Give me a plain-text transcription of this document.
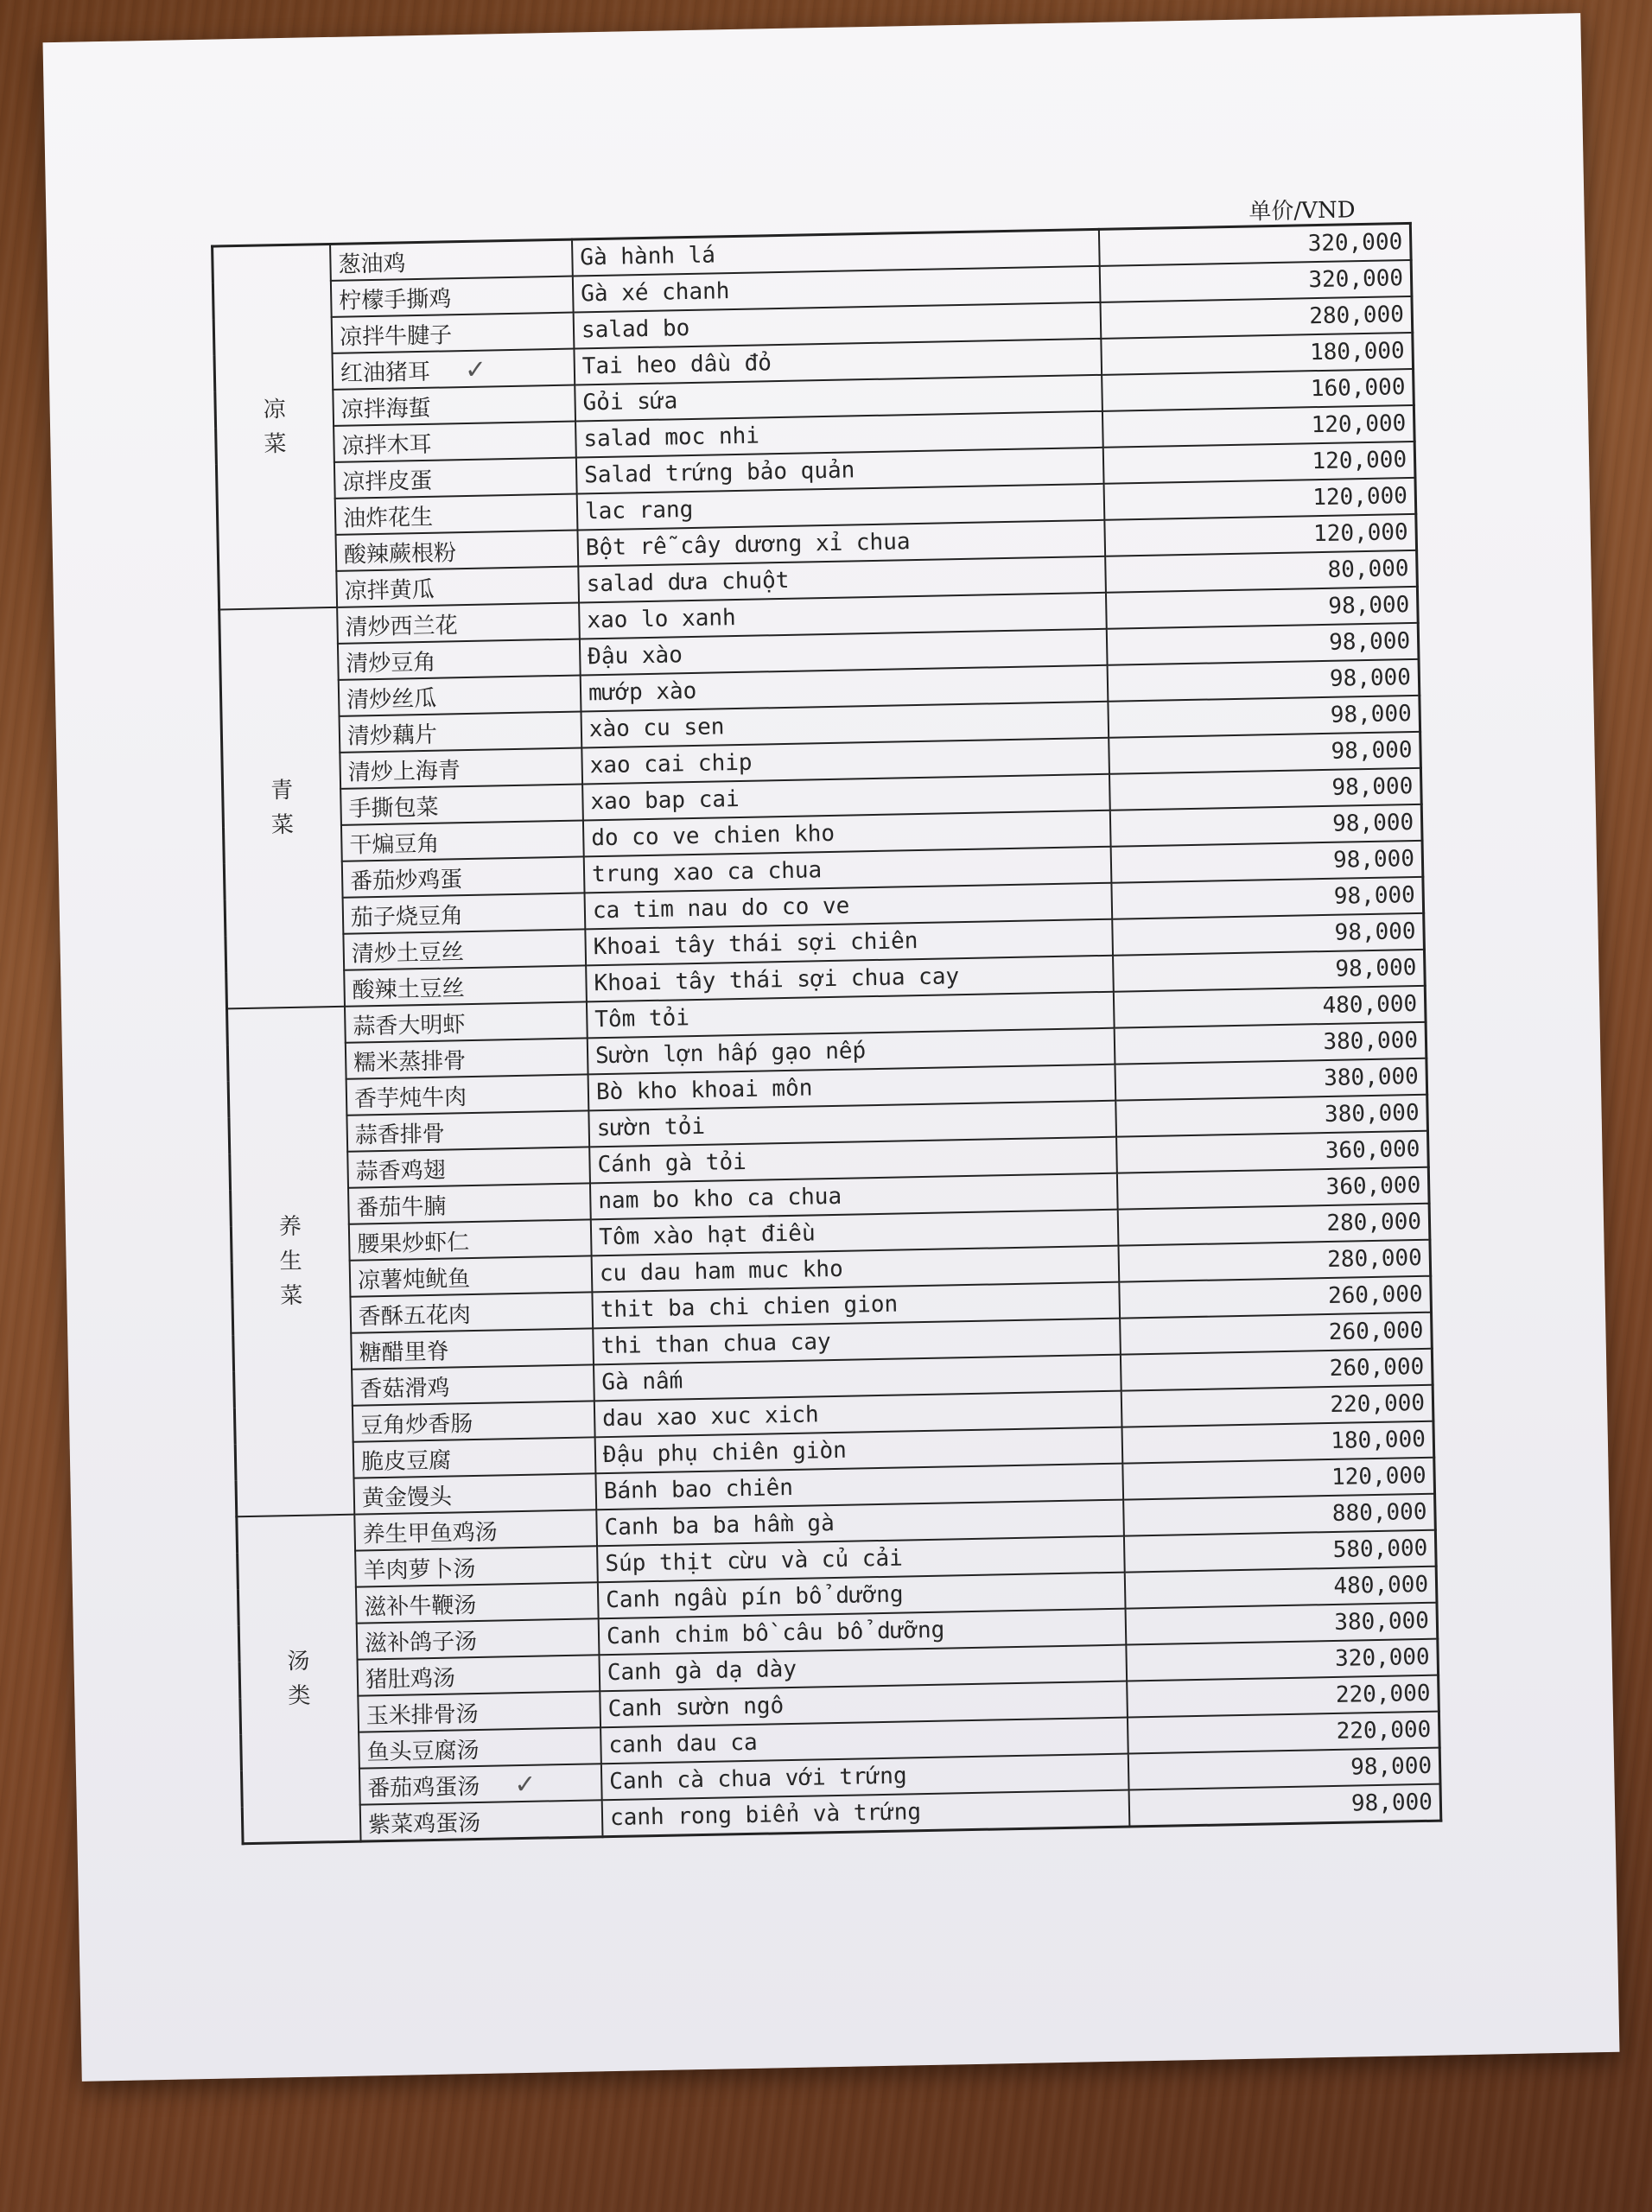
单价/VND
凉
菜	葱油鸡	Gà hành lá	320,000
	柠檬手撕鸡	Gà xé chanh	320,000
	凉拌牛腱子	salad bo	280,000
	红油猪耳 ✓	Tai heo dầu đỏ	180,000
	凉拌海蜇	Gỏi sứa	160,000
	凉拌木耳	salad moc nhi	120,000
	凉拌皮蛋	Salad trứng bảo quản	120,000
	油炸花生	lac rang	120,000
	酸辣蕨根粉	Bột rễ cây dương xỉ chua	120,000
	凉拌黄瓜	salad dưa chuột	80,000

青
菜	清炒西兰花	xao lo xanh	98,000
	清炒豆角	Đậu xào	98,000
	清炒丝瓜	mướp xào	98,000
	清炒藕片	xào cu sen	98,000
	清炒上海青	xao cai chip	98,000
	手撕包菜	xao bap cai	98,000
	干煸豆角	do co ve chien kho	98,000
	番茄炒鸡蛋	trung xao ca chua	98,000
	茄子烧豆角	ca tim nau do co ve	98,000
	清炒土豆丝	Khoai tây thái sợi chiên	98,000
	酸辣土豆丝	Khoai tây thái sợi chua cay	98,000

养
生
菜	蒜香大明虾	Tôm tỏi	480,000
	糯米蒸排骨	Sườn lợn hấp gạo nếp	380,000
	香芋炖牛肉	Bò kho khoai môn	380,000
	蒜香排骨	sườn tỏi	380,000
	蒜香鸡翅	Cánh gà tỏi	360,000
	番茄牛腩	nam bo kho ca chua	360,000
	腰果炒虾仁	Tôm xào hạt điều	280,000
	凉薯炖鱿鱼	cu dau ham muc kho	280,000
	香酥五花肉	thit ba chi chien gion	260,000
	糖醋里脊	thi than chua cay	260,000
	香菇滑鸡	Gà nấm	260,000
	豆角炒香肠	dau xao xuc xich	220,000
	脆皮豆腐	Đậu phụ chiên giòn	180,000
	黄金馒头	Bánh bao chiên	120,000

汤
类	养生甲鱼鸡汤	Canh ba ba hầm gà	880,000
	羊肉萝卜汤	Súp thịt cừu và củ cải	580,000
	滋补牛鞭汤	Canh ngầu pín bổ dưỡng	480,000
	滋补鸽子汤	Canh chim bồ câu bổ dưỡng	380,000
	猪肚鸡汤	Canh gà dạ dày	320,000
	玉米排骨汤	Canh sườn ngô	220,000
	鱼头豆腐汤	canh dau ca	220,000
	番茄鸡蛋汤 ✓	Canh cà chua với trứng	98,000
	紫菜鸡蛋汤	canh rong biển và trứng	98,000
